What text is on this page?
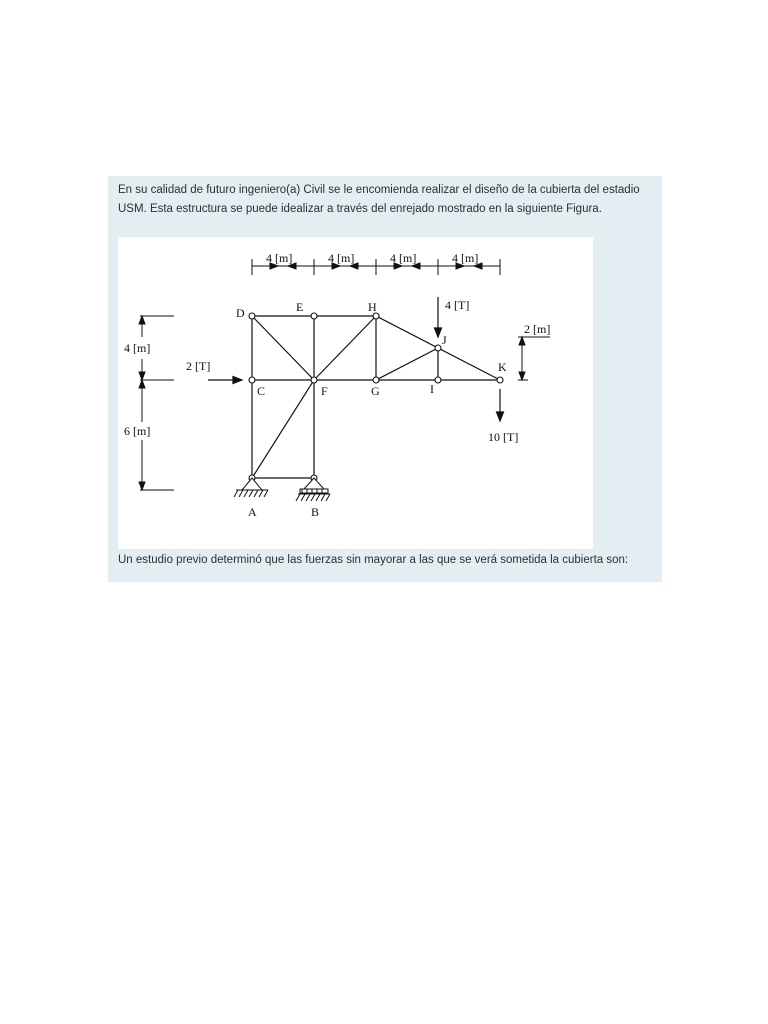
En su calidad de futuro ingeniero(a) Civil se le encomienda realizar el diseño de la cubierta del estadio USM. Esta estructura se puede idealizar a través del enrejado mostrado en la siguiente Figura.

4 [m]	4 [m]	4 [m]	4 [m]
4 [m]
6 [m]
2 [m]
2 [T]
4 [T]
10 [T]
D	E	H
J
K
C	F	G	I
A	B

Un estudio previo determinó que las fuerzas sin mayorar a las que se verá sometida la cubierta son:
